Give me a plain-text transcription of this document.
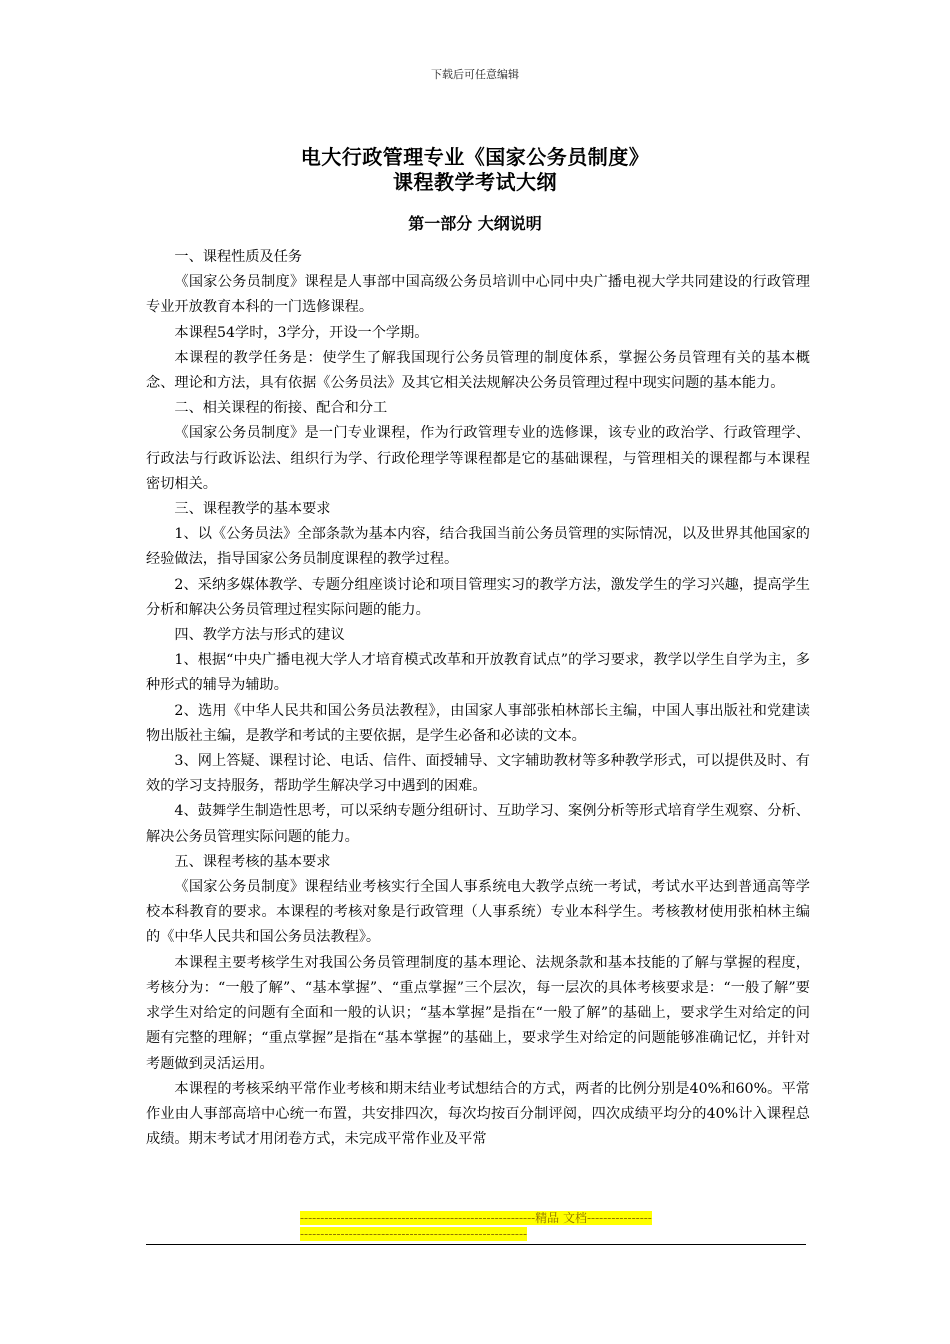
下载后可任意编辑
电大行政管理专业《国家公务员制度》
课程教学考试大纲
第一部分 大纲说明

一、课程性质及任务

《国家公务员制度》课程是人事部中国高级公务员培训中心同中央广播电视大学共同建设的行政管理专业开放教育本科的一门选修课程。

本课程54学时，3学分，开设一个学期。

本课程的教学任务是：使学生了解我国现行公务员管理的制度体系，掌握公务员管理有关的基本概念、理论和方法，具有依据《公务员法》及其它相关法规解决公务员管理过程中现实问题的基本能力。

二、相关课程的衔接、配合和分工

《国家公务员制度》是一门专业课程，作为行政管理专业的选修课，该专业的政治学、行政管理学、行政法与行政诉讼法、组织行为学、行政伦理学等课程都是它的基础课程，与管理相关的课程都与本课程密切相关。

三、课程教学的基本要求

1、以《公务员法》全部条款为基本内容，结合我国当前公务员管理的实际情况，以及世界其他国家的经验做法，指导国家公务员制度课程的教学过程。

2、采纳多媒体教学、专题分组座谈讨论和项目管理实习的教学方法，激发学生的学习兴趣，提高学生分析和解决公务员管理过程实际问题的能力。

四、教学方法与形式的建议

1、根据“中央广播电视大学人才培育模式改革和开放教育试点”的学习要求，教学以学生自学为主，多种形式的辅导为辅助。

2、选用《中华人民共和国公务员法教程》，由国家人事部张柏林部长主编，中国人事出版社和党建读物出版社主编，是教学和考试的主要依据，是学生必备和必读的文本。

3、网上答疑、课程讨论、电话、信件、面授辅导、文字辅助教材等多种教学形式，可以提供及时、有效的学习支持服务，帮助学生解决学习中遇到的困难。

4、鼓舞学生制造性思考，可以采纳专题分组研讨、互助学习、案例分析等形式培育学生观察、分析、解决公务员管理实际问题的能力。

五、课程考核的基本要求

《国家公务员制度》课程结业考核实行全国人事系统电大教学点统一考试，考试水平达到普通高等学校本科教育的要求。本课程的考核对象是行政管理（人事系统）专业本科学生。考核教材使用张柏林主编的《中华人民共和国公务员法教程》。

本课程主要考核学生对我国公务员管理制度的基本理论、法规条款和基本技能的了解与掌握的程度，考核分为：“一般了解”、“基本掌握”、“重点掌握”三个层次，每一层次的具体考核要求是：“一般了解”要求学生对给定的问题有全面和一般的认识；“基本掌握”是指在“一般了解”的基础上，要求学生对给定的问题有完整的理解；“重点掌握”是指在“基本掌握”的基础上，要求学生对给定的问题能够准确记忆，并针对考题做到灵活运用。

本课程的考核采纳平常作业考核和期末结业考试想结合的方式，两者的比例分别是40%和60%。平常作业由人事部高培中心统一布置，共安排四次，每次均按百分制评阅，四次成绩平均分的40%计入课程总成绩。期末考试才用闭卷方式，未完成平常作业及平常

----------------------------------------------------------精品 文档------------------------------------------------------------------------
